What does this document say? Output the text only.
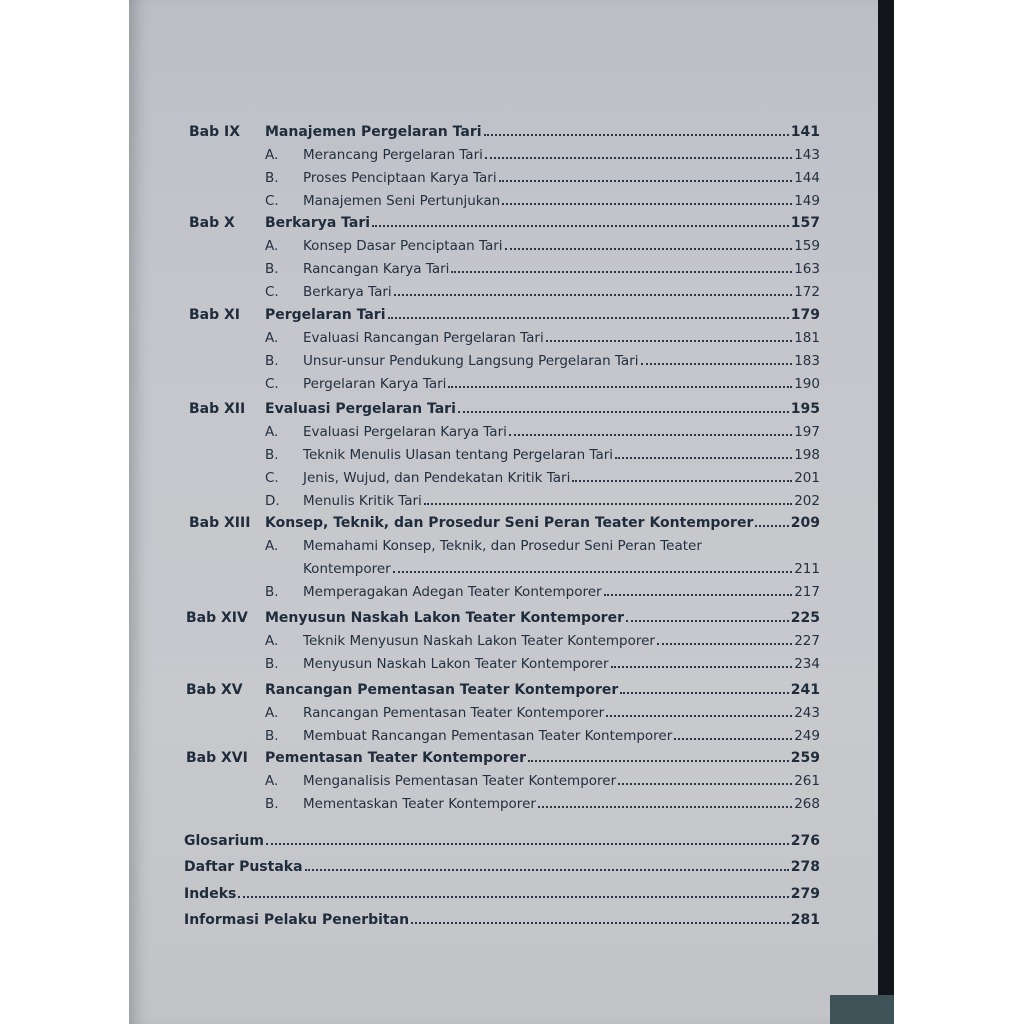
Bab IX Manajemen Pergelaran Tari	141
A.	Merancang Pergelaran Tari	143
B.	Proses Penciptaan Karya Tari	144
C.	Manajemen Seni Pertunjukan	149
Bab X Berkarya Tari	157
A.	Konsep Dasar Penciptaan Tari	159
B.	Rancangan Karya Tari	163
C.	Berkarya Tari	172
Bab XI Pergelaran Tari	179
A.	Evaluasi Rancangan Pergelaran Tari	181
B.	Unsur-unsur Pendukung Langsung Pergelaran Tari	183
C.	Pergelaran Karya Tari	190
Bab XII Evaluasi Pergelaran Tari	195
A.	Evaluasi Pergelaran Karya Tari	197
B.	Teknik Menulis Ulasan tentang Pergelaran Tari	198
C.	Jenis, Wujud, dan Pendekatan Kritik Tari	201
D.	Menulis Kritik Tari	202
Bab XIII Konsep, Teknik, dan Prosedur Seni Peran Teater Kontemporer	209
A.	Memahami Konsep, Teknik, dan Prosedur Seni Peran Teater
Kontemporer	211
B.	Memperagakan Adegan Teater Kontemporer	217
Bab XIV Menyusun Naskah Lakon Teater Kontemporer	225
A.	Teknik Menyusun Naskah Lakon Teater Kontemporer	227
B.	Menyusun Naskah Lakon Teater Kontemporer	234
Bab XV Rancangan Pementasan Teater Kontemporer	241
A.	Rancangan Pementasan Teater Kontemporer	243
B.	Membuat Rancangan Pementasan Teater Kontemporer	249
Bab XVI Pementasan Teater Kontemporer	259
A.	Menganalisis Pementasan Teater Kontemporer	261
B.	Mementaskan Teater Kontemporer	268
Glosarium	276
Daftar Pustaka	278
Indeks	279
Informasi Pelaku Penerbitan	281
